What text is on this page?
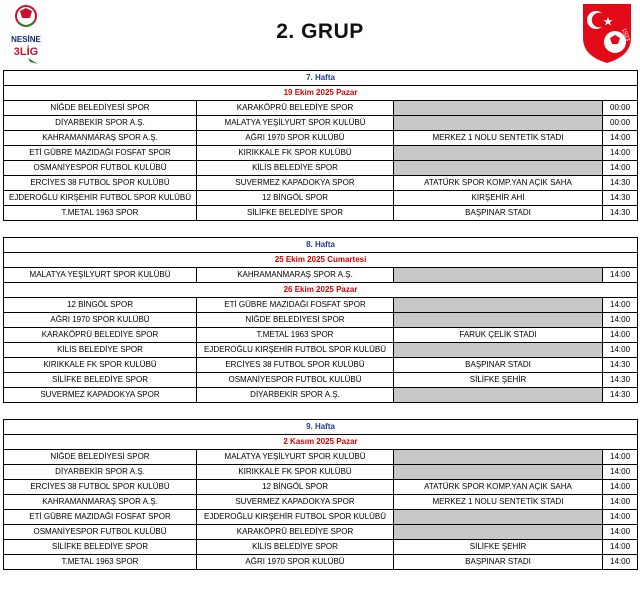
NESİNE
3LİG
2. GRUP	1923
7. Hafta			
19 Ekim 2025 Pazar			
NİĞDE BELEDİYESİ SPOR	KARAKÖPRÜ BELEDİYE SPOR		00:00
DİYARBEKİR SPOR A.Ş.	MALATYA YEŞİLYURT SPOR KULÜBÜ		00:00
KAHRAMANMARAŞ SPOR A.Ş.	AĞRI 1970 SPOR KULÜBÜ	MERKEZ 1 NOLU SENTETİK STADI	14:00
ETİ GÜBRE MAZIDAĞI FOSFAT SPOR	KIRIKKALE FK SPOR KULÜBÜ		14:00
OSMANİYESPOR FUTBOL KULÜBÜ	KİLİS BELEDİYE SPOR		14:00
ERCİYES 38 FUTBOL SPOR KULÜBÜ	SUVERMEZ KAPADOKYA SPOR	ATATÜRK SPOR KOMP.YAN AÇIK SAHA	14:30
EJDEROĞLU KIRŞEHİR FUTBOL SPOR KULÜBÜ	12 BİNGÖL SPOR	KIRŞEHİR AHİ	14:30
T.METAL 1963 SPOR	SİLİFKE BELEDİYE SPOR	BAŞPINAR STADI	14:30
8. Hafta			
25 Ekim 2025 Cumartesi			
MALATYA YEŞİLYURT SPOR KULÜBÜ	KAHRAMANMARAŞ SPOR A.Ş.		14:00
26 Ekim 2025 Pazar			
12 BİNGÖL SPOR	ETİ GÜBRE MAZIDAĞI FOSFAT SPOR		14:00
AĞRI 1970 SPOR KULÜBÜ	NİĞDE BELEDİYESİ SPOR		14:00
KARAKÖPRÜ BELEDİYE SPOR	T.METAL 1963 SPOR	FARUK ÇELİK STADI	14:00
KİLİS BELEDİYE SPOR	EJDEROĞLU KIRŞEHİR FUTBOL SPOR KULÜBÜ		14:00
KIRIKKALE FK SPOR KULÜBÜ	ERCİYES 38 FUTBOL SPOR KULÜBÜ	BAŞPINAR STADI	14:30
SİLİFKE BELEDİYE SPOR	OSMANİYESPOR FUTBOL KULÜBÜ	SİLİFKE ŞEHİR	14:30
SUVERMEZ KAPADOKYA SPOR	DİYARBEKİR SPOR A.Ş.		14:30
9. Hafta			
2 Kasım 2025 Pazar			
NİĞDE BELEDİYESİ SPOR	MALATYA YEŞİLYURT SPOR KULÜBÜ		14:00
DİYARBEKİR SPOR A.Ş.	KIRIKKALE FK SPOR KULÜBÜ		14:00
ERCİYES 38 FUTBOL SPOR KULÜBÜ	12 BİNGÖL SPOR	ATATÜRK SPOR KOMP.YAN AÇIK SAHA	14:00
KAHRAMANMARAŞ SPOR A.Ş.	SUVERMEZ KAPADOKYA SPOR	MERKEZ 1 NOLU SENTETİK STADI	14:00
ETİ GÜBRE MAZIDAĞI FOSFAT SPOR	EJDEROĞLU KIRŞEHİR FUTBOL SPOR KULÜBÜ		14:00
OSMANİYESPOR FUTBOL KULÜBÜ	KARAKÖPRÜ BELEDİYE SPOR		14:00
SİLİFKE BELEDİYE SPOR	KİLİS BELEDİYE SPOR	SİLİFKE ŞEHİR	14:00
T.METAL 1963 SPOR	AĞRI 1970 SPOR KULÜBÜ	BAŞPINAR STADI	14:00
